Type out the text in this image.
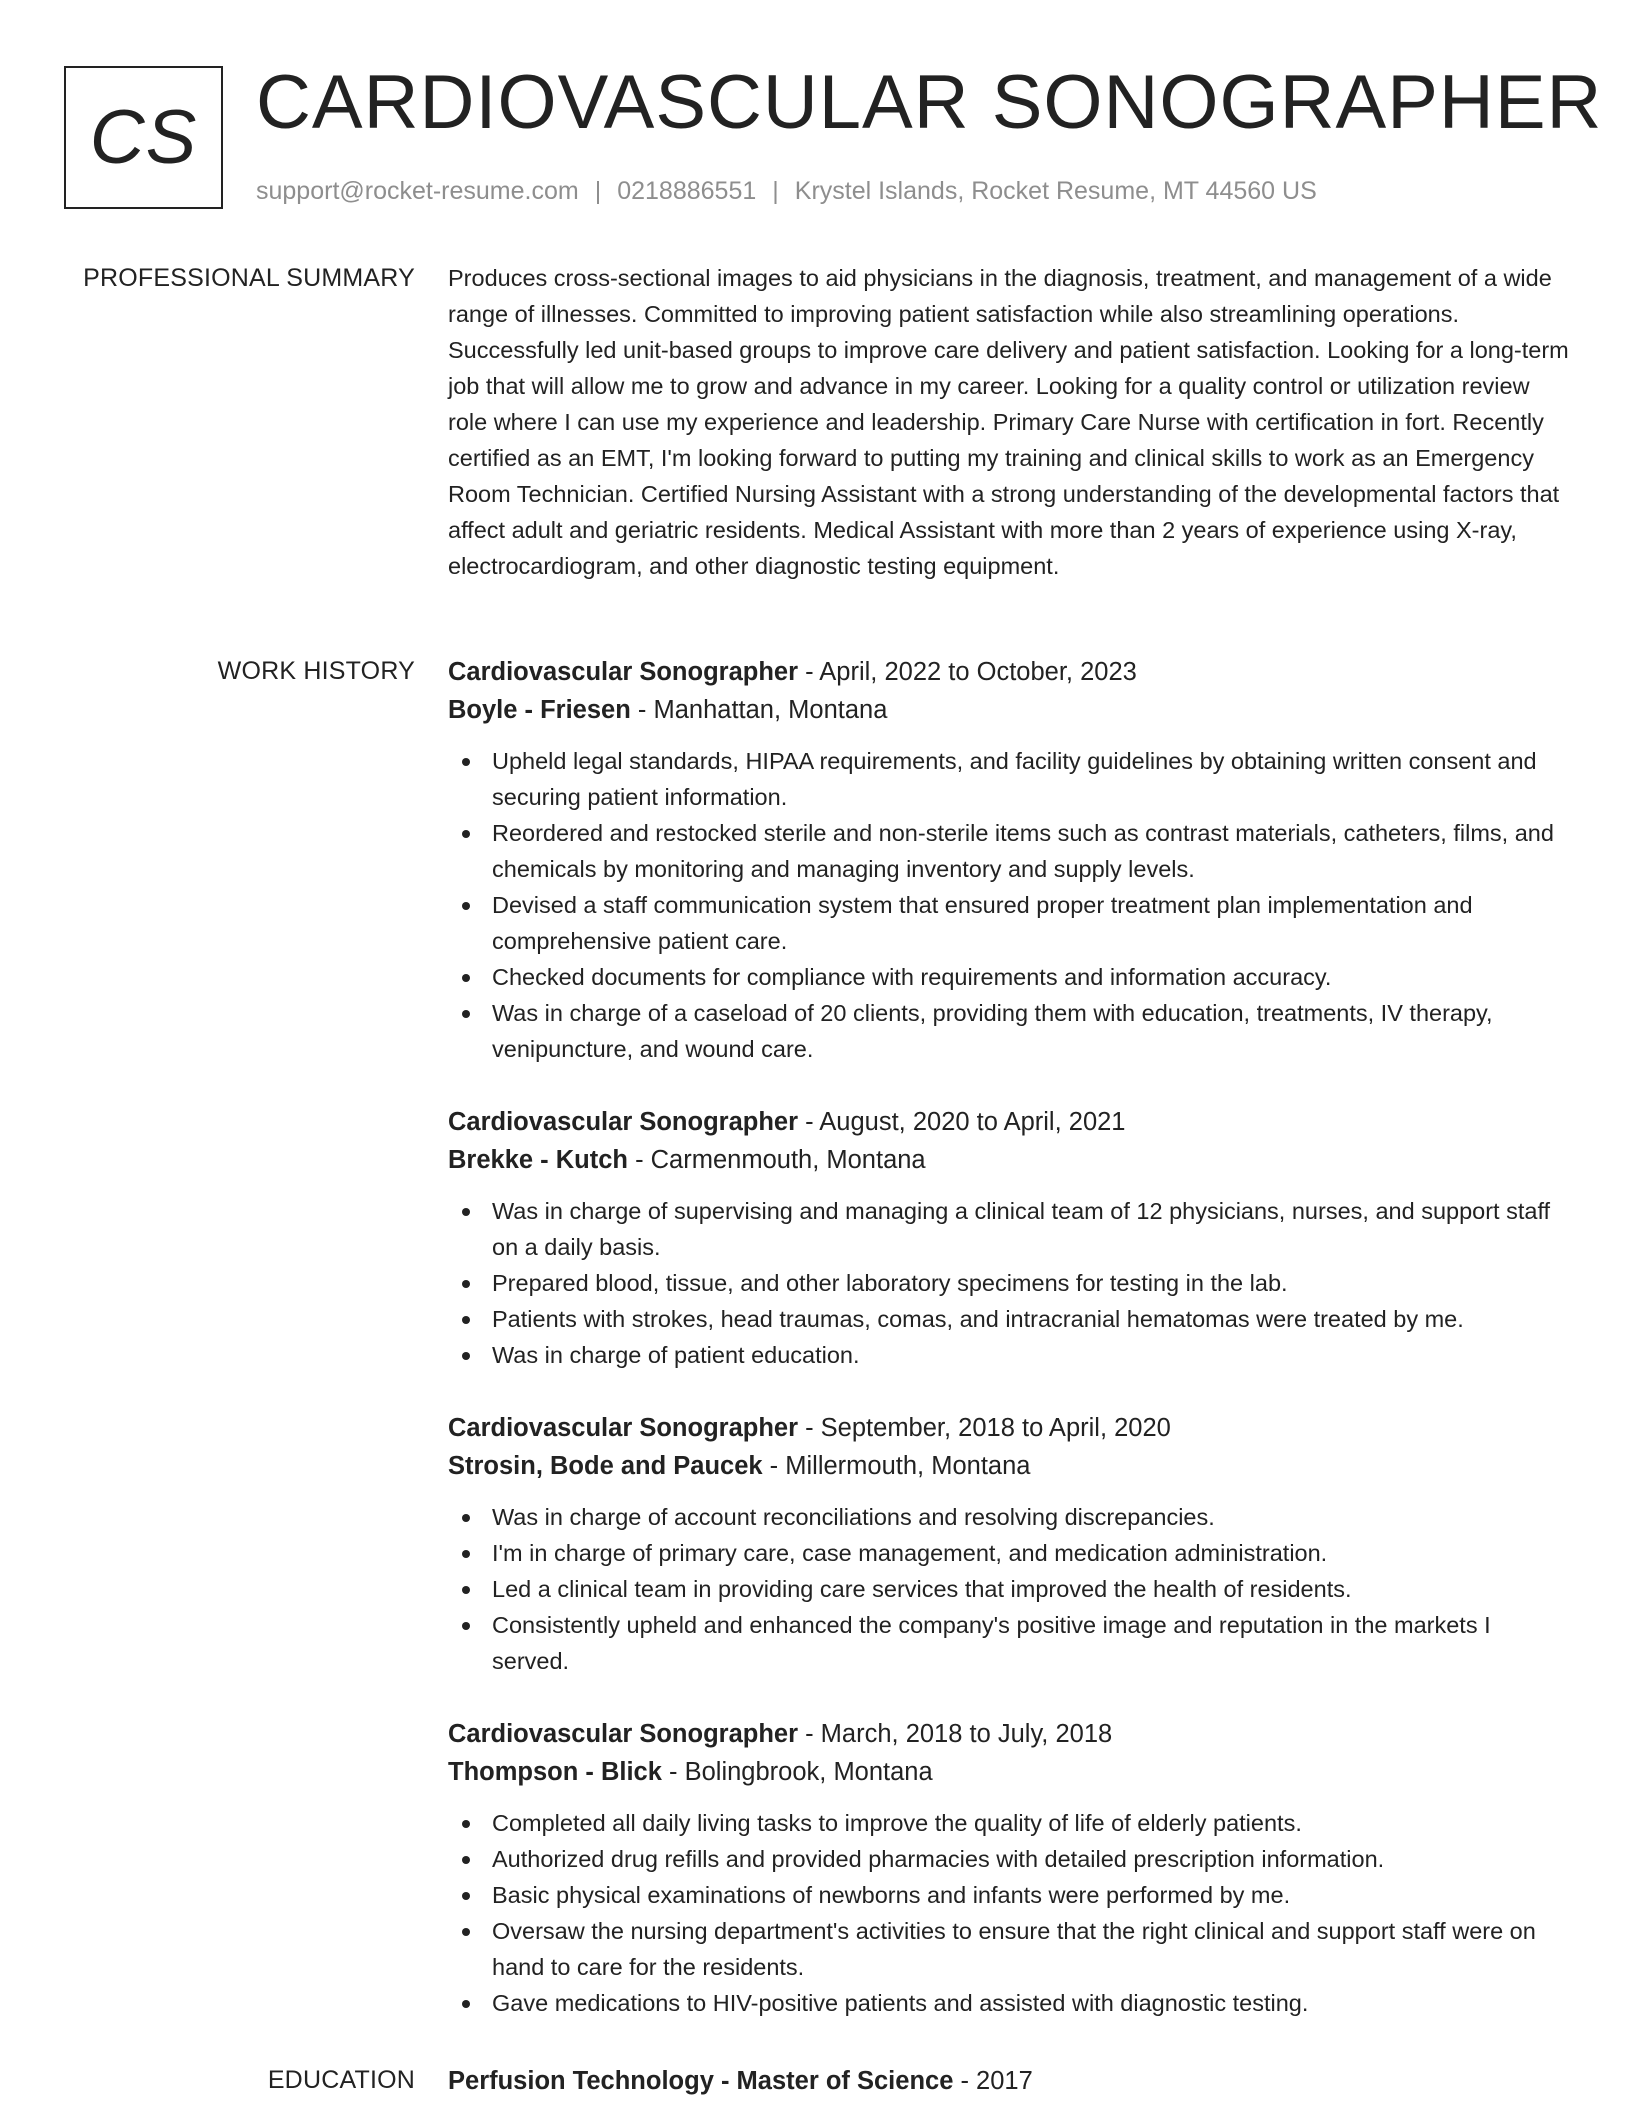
CS CARDIOVASCULAR SONOGRAPHER
support@rocket-resume.com | 0218886551 | Krystel Islands, Rocket Resume, MT 44560 US
PROFESSIONAL SUMMARY Produces cross-sectional images to aid physicians in the diagnosis, treatment, and management of a wide range of illnesses. Committed to improving patient satisfaction while also streamlining operations. Successfully led unit-based groups to improve care delivery and patient satisfaction. Looking for a long-term job that will allow me to grow and advance in my career. Looking for a quality control or utilization review role where I can use my experience and leadership. Primary Care Nurse with certification in fort. Recently certified as an EMT, I'm looking forward to putting my training and clinical skills to work as an Emergency Room Technician. Certified Nursing Assistant with a strong understanding of the developmental factors that affect adult and geriatric residents. Medical Assistant with more than 2 years of experience using X-ray, electrocardiogram, and other diagnostic testing equipment.

WORK HISTORY Cardiovascular Sonographer - April, 2022 to October, 2023
Boyle - Friesen - Manhattan, Montana
Upheld legal standards, HIPAA requirements, and facility guidelines by obtaining written consent and securing patient information.
Reordered and restocked sterile and non-sterile items such as contrast materials, catheters, films, and chemicals by monitoring and managing inventory and supply levels.
Devised a staff communication system that ensured proper treatment plan implementation and comprehensive patient care.
Checked documents for compliance with requirements and information accuracy.
Was in charge of a caseload of 20 clients, providing them with education, treatments, IV therapy, venipuncture, and wound care.
Cardiovascular Sonographer - August, 2020 to April, 2021
Brekke - Kutch - Carmenmouth, Montana
Was in charge of supervising and managing a clinical team of 12 physicians, nurses, and support staff on a daily basis.
Prepared blood, tissue, and other laboratory specimens for testing in the lab.
Patients with strokes, head traumas, comas, and intracranial hematomas were treated by me.
Was in charge of patient education.
Cardiovascular Sonographer - September, 2018 to April, 2020
Strosin, Bode and Paucek - Millermouth, Montana
Was in charge of account reconciliations and resolving discrepancies.
I'm in charge of primary care, case management, and medication administration.
Led a clinical team in providing care services that improved the health of residents.
Consistently upheld and enhanced the company's positive image and reputation in the markets I served.
Cardiovascular Sonographer - March, 2018 to July, 2018
Thompson - Blick - Bolingbrook, Montana
Completed all daily living tasks to improve the quality of life of elderly patients.
Authorized drug refills and provided pharmacies with detailed prescription information.
Basic physical examinations of newborns and infants were performed by me.
Oversaw the nursing department's activities to ensure that the right clinical and support staff were on hand to care for the residents.
Gave medications to HIV-positive patients and assisted with diagnostic testing.
EDUCATION Perfusion Technology - Master of Science - 2017
